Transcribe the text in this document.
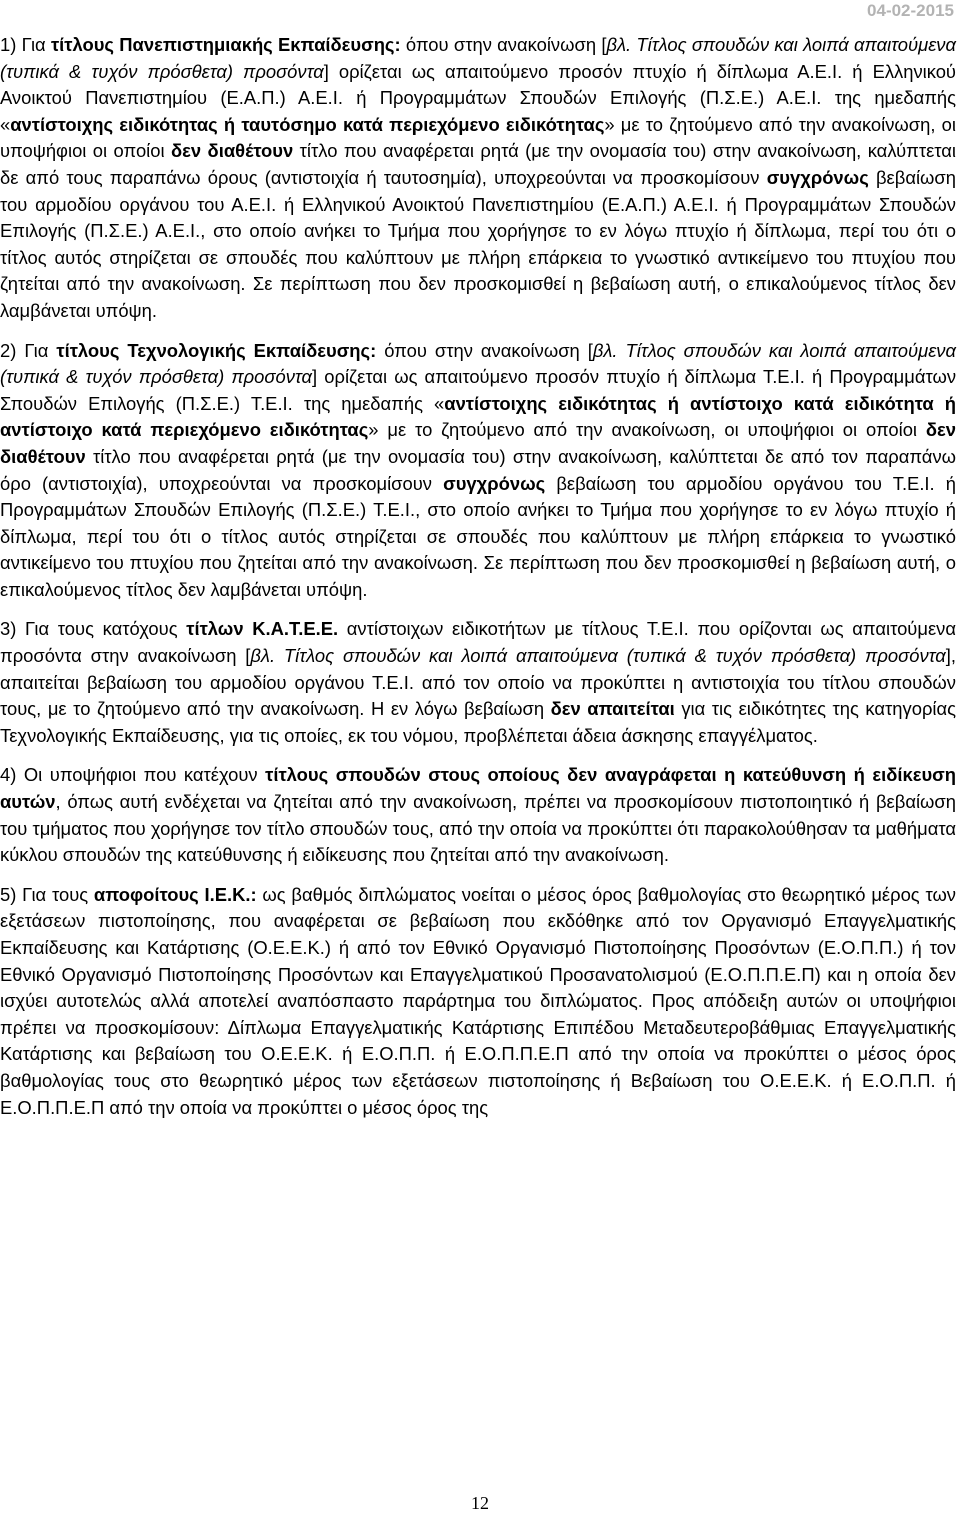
04-02-2015

1) Για τίτλους Πανεπιστημιακής Εκπαίδευσης: όπου στην ανακοίνωση [βλ. Τίτλος σπουδών και λοιπά απαιτούμενα (τυπικά & τυχόν πρόσθετα) προσόντα] ορίζεται ως απαιτούμενο προσόν πτυχίο ή δίπλωμα Α.Ε.Ι. ή Ελληνικού Ανοικτού Πανεπιστημίου (Ε.Α.Π.) Α.Ε.Ι. ή Προγραμμάτων Σπουδών Επιλογής (Π.Σ.Ε.) Α.Ε.Ι. της ημεδαπής «αντίστοιχης ειδικότητας ή ταυτόσημο κατά περιεχόμενο ειδικότητας» με το ζητούμενο από την ανακοίνωση, οι υποψήφιοι οι οποίοι δεν διαθέτουν τίτλο που αναφέρεται ρητά (με την ονομασία του) στην ανακοίνωση, καλύπτεται δε από τους παραπάνω όρους (αντιστοιχία ή ταυτοσημία), υποχρεούνται να προσκομίσουν συγχρόνως βεβαίωση του αρμοδίου οργάνου του Α.Ε.Ι. ή Ελληνικού Ανοικτού Πανεπιστημίου (Ε.Α.Π.) Α.Ε.Ι. ή Προγραμμάτων Σπουδών Επιλογής (Π.Σ.Ε.) Α.Ε.Ι., στο οποίο ανήκει το Τμήμα που χορήγησε το εν λόγω πτυχίο ή δίπλωμα, περί του ότι ο τίτλος αυτός στηρίζεται σε σπουδές που καλύπτουν με πλήρη επάρκεια το γνωστικό αντικείμενο του πτυχίου που ζητείται από την ανακοίνωση. Σε περίπτωση που δεν προσκομισθεί η βεβαίωση αυτή, ο επικαλούμενος τίτλος δεν λαμβάνεται υπόψη.

2) Για τίτλους Τεχνολογικής Εκπαίδευσης: όπου στην ανακοίνωση [βλ. Τίτλος σπουδών και λοιπά απαιτούμενα (τυπικά & τυχόν πρόσθετα) προσόντα] ορίζεται ως απαιτούμενο προσόν πτυχίο ή δίπλωμα Τ.Ε.Ι. ή Προγραμμάτων Σπουδών Επιλογής (Π.Σ.Ε.) Τ.Ε.Ι. της ημεδαπής «αντίστοιχης ειδικότητας ή αντίστοιχο κατά ειδικότητα ή αντίστοιχο κατά περιεχόμενο ειδικότητας» με το ζητούμενο από την ανακοίνωση, οι υποψήφιοι οι οποίοι δεν διαθέτουν τίτλο που αναφέρεται ρητά (με την ονομασία του) στην ανακοίνωση, καλύπτεται δε από τον παραπάνω όρο (αντιστοιχία), υποχρεούνται να προσκομίσουν συγχρόνως βεβαίωση του αρμοδίου οργάνου του Τ.Ε.Ι. ή Προγραμμάτων Σπουδών Επιλογής (Π.Σ.Ε.) Τ.Ε.Ι., στο οποίο ανήκει το Τμήμα που χορήγησε το εν λόγω πτυχίο ή δίπλωμα, περί του ότι ο τίτλος αυτός στηρίζεται σε σπουδές που καλύπτουν με πλήρη επάρκεια το γνωστικό αντικείμενο του πτυχίου που ζητείται από την ανακοίνωση. Σε περίπτωση που δεν προσκομισθεί η βεβαίωση αυτή, ο επικαλούμενος τίτλος δεν λαμβάνεται υπόψη.

3) Για τους κατόχους τίτλων Κ.Α.Τ.Ε.Ε. αντίστοιχων ειδικοτήτων με τίτλους Τ.Ε.Ι. που ορίζονται ως απαιτούμενα προσόντα στην ανακοίνωση [βλ. Τίτλος σπουδών και λοιπά απαιτούμενα (τυπικά & τυχόν πρόσθετα) προσόντα], απαιτείται βεβαίωση του αρμοδίου οργάνου Τ.Ε.Ι. από τον οποίο να προκύπτει η αντιστοιχία του τίτλου σπουδών τους, με το ζητούμενο από την ανακοίνωση. Η εν λόγω βεβαίωση δεν απαιτείται για τις ειδικότητες της κατηγορίας Τεχνολογικής Εκπαίδευσης, για τις οποίες, εκ του νόμου, προβλέπεται άδεια άσκησης επαγγέλματος.

4) Οι υποψήφιοι που κατέχουν τίτλους σπουδών στους οποίους δεν αναγράφεται η κατεύθυνση ή ειδίκευση αυτών, όπως αυτή ενδέχεται να ζητείται από την ανακοίνωση, πρέπει να προσκομίσουν πιστοποιητικό ή βεβαίωση του τμήματος που χορήγησε τον τίτλο σπουδών τους, από την οποία να προκύπτει ότι παρακολούθησαν τα μαθήματα κύκλου σπουδών της κατεύθυνσης ή ειδίκευσης που ζητείται από την ανακοίνωση.

5) Για τους αποφοίτους Ι.Ε.Κ.: ως βαθμός διπλώματος νοείται ο μέσος όρος βαθμολογίας στο θεωρητικό μέρος των εξετάσεων πιστοποίησης, που αναφέρεται σε βεβαίωση που εκδόθηκε από τον Οργανισμό Επαγγελματικής Εκπαίδευσης και Κατάρτισης (Ο.Ε.Ε.Κ.) ή από τον Εθνικό Οργανισμό Πιστοποίησης Προσόντων (Ε.Ο.Π.Π.) ή τον Εθνικό Οργανισμό Πιστοποίησης Προσόντων και Επαγγελματικού Προσανατολισμού (Ε.Ο.Π.Π.Ε.Π) και η οποία δεν ισχύει αυτοτελώς αλλά αποτελεί αναπόσπαστο παράρτημα του διπλώματος. Προς απόδειξη αυτών οι υποψήφιοι πρέπει να προσκομίσουν: Δίπλωμα Επαγγελματικής Κατάρτισης Επιπέδου Μεταδευτεροβάθμιας Επαγγελματικής Κατάρτισης και βεβαίωση του Ο.Ε.Ε.Κ. ή Ε.Ο.Π.Π. ή Ε.Ο.Π.Π.Ε.Π από την οποία να προκύπτει ο μέσος όρος βαθμολογίας τους στο θεωρητικό μέρος των εξετάσεων πιστοποίησης ή Βεβαίωση του Ο.Ε.Ε.Κ. ή Ε.Ο.Π.Π. ή Ε.Ο.Π.Π.Ε.Π από την οποία να προκύπτει ο μέσος όρος της

12
